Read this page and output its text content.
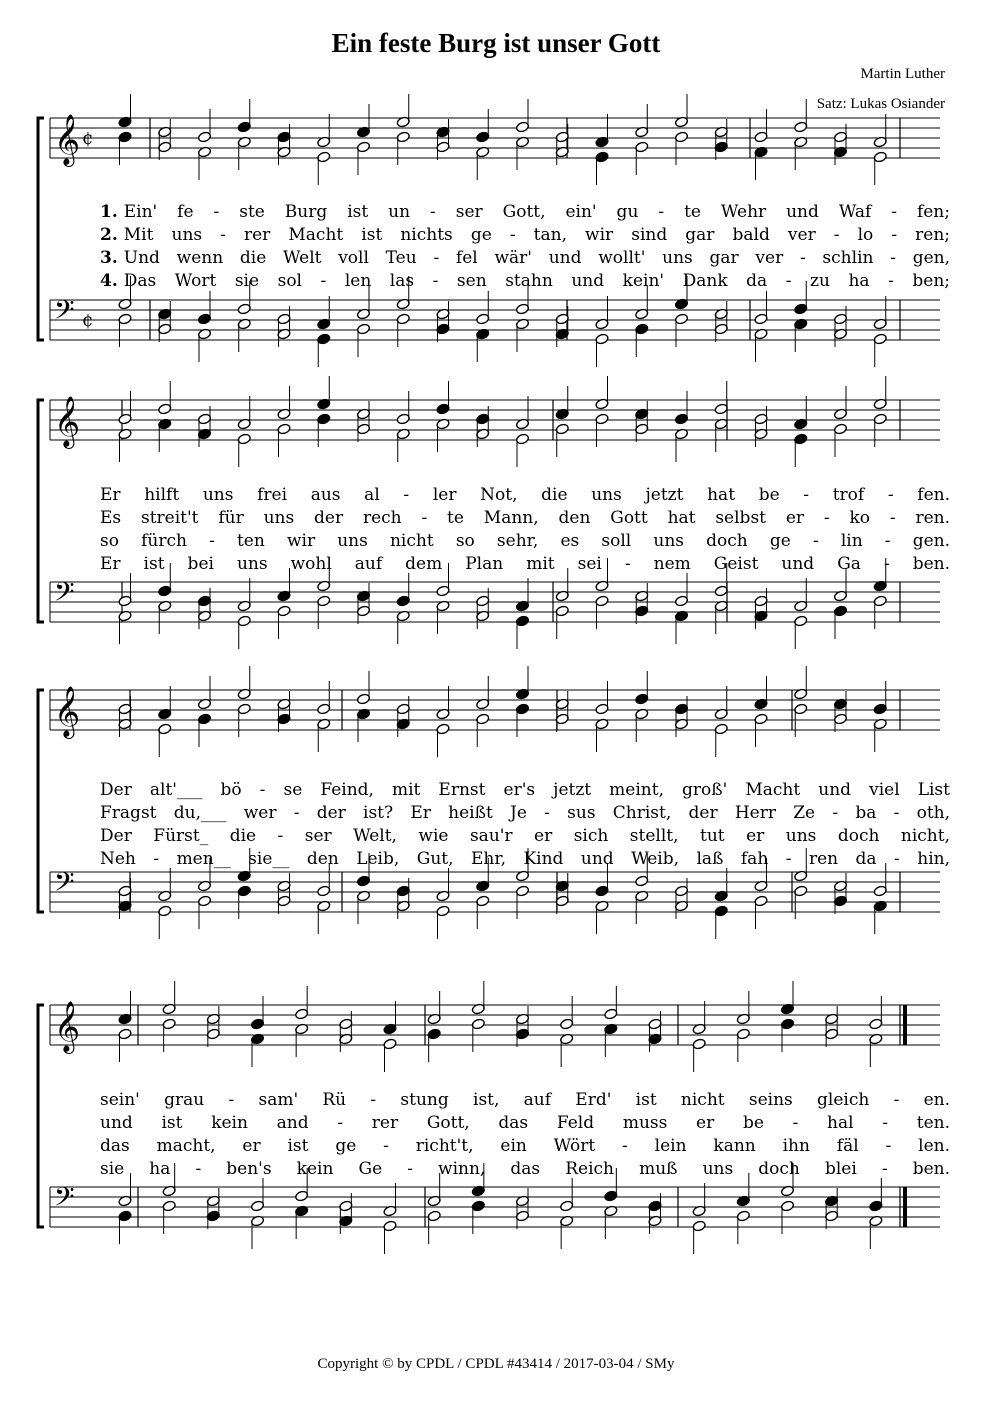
Ein feste Burg ist unser Gott
Martin Luther
Satz: Lukas Osiander
𝄞 ¢
𝄢 ¢
1. Ein' fe - ste Burg ist un - ser Gott, ein' gu - te Wehr und Waf - fen;
2. Mit uns - rer Macht ist nichts ge - tan, wir sind gar bald ver - lo - ren;
3. Und wenn die Welt voll Teu - fel wär' und wollt' uns gar ver - schlin - gen,
4. Das Wort sie sol - len las - sen stahn und kein' Dank da - zu ha - ben;
𝄞
𝄢
Er hilft uns frei aus al - ler Not, die uns jetzt hat be - trof - fen.
Es streit't für uns der rech - te Mann, den Gott hat selbst er - ko - ren.
so fürch - ten wir uns nicht so sehr, es soll uns doch ge - lin - gen.
Er ist bei uns wohl auf dem Plan mit sei - nem Geist und Ga - ben.
𝄞
𝄢
Der alt'___ bö - se Feind, mit Ernst er's jetzt meint, groß' Macht und viel List
Fragst du,___ wer - der ist? Er heißt Je - sus Christ, der Herr Ze - ba - oth,
Der Fürst_ die - ser Welt, wie sau'r er sich stellt, tut er uns doch nicht,
Neh - men__ sie__ den Leib, Gut, Ehr, Kind und Weib, laß fah - ren da - hin,
𝄞
𝄢
sein' grau - sam' Rü - stung ist, auf Erd' ist nicht seins gleich - en.
und ist kein and - rer Gott, das Feld muss er be - hal - ten.
das macht, er ist ge - richt't, ein Wört - lein kann ihn fäl - len.
sie ha - ben's kein Ge - winn, das Reich muß uns doch blei - ben.
Copyright © by CPDL / CPDL #43414 / 2017-03-04 / SMy
